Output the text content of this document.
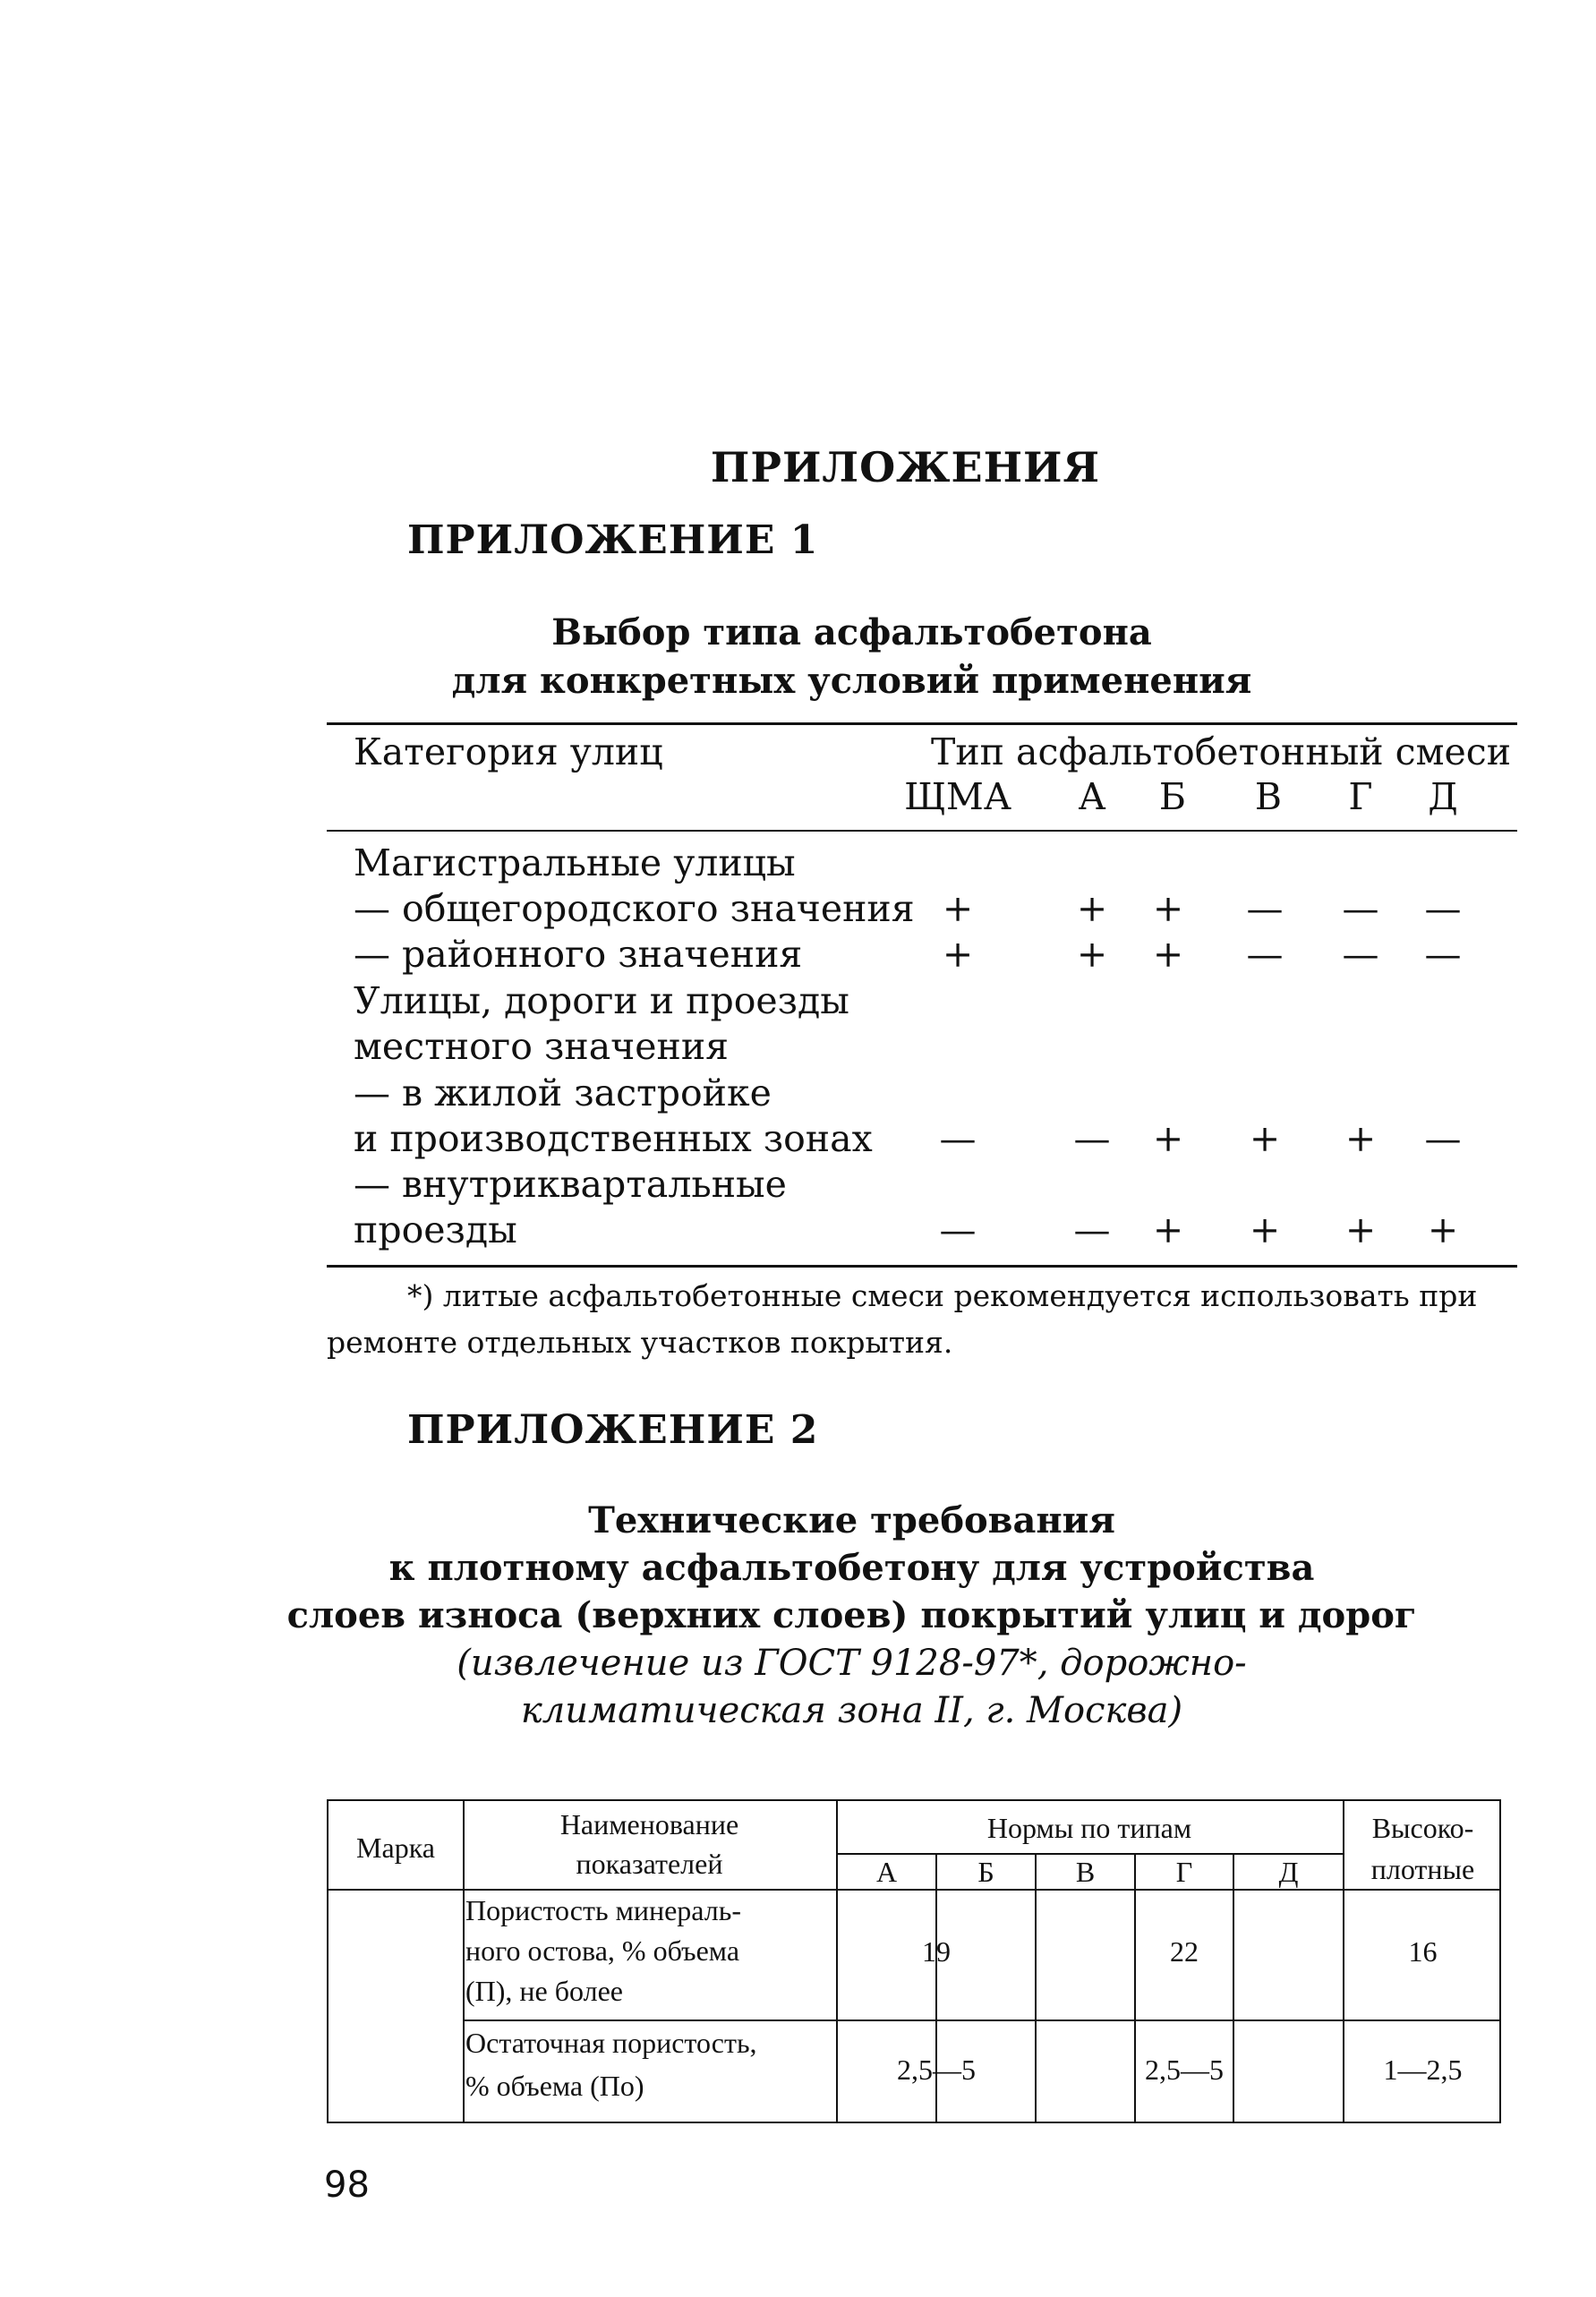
ПРИЛОЖЕНИЯ
ПРИЛОЖЕНИЕ 1
Выбор типа асфальтобетона
для конкретных условий применения
Категория улиц	Тип асфальтобетонный смеси
ЩМА	А	Б	В	Г	Д
Магистральные улицы
— общегородского значения +	+	+	— — —
— районного значения	+	+	+	— — —
Улицы, дороги и проезды
местного значения
— в жилой застройке
и производственных зонах —	—	+	+	+	—
— внутриквартальные
проезды	—	—	+	+	+	+
*) литые асфальтобетонные смеси рекомендуется использовать при
ремонте отдельных участков покрытия.
ПРИЛОЖЕНИЕ 2
Технические требования
к плотному асфальтобетону для устройства
слоев износа (верхних слоев) покрытий улиц и дорог
(извлечение из ГОСТ 9128-97*, дорожно-
климатическая зона II, г. Москва)
Марка
Наименование
показателей
Нормы по типам
А	Б	В	Г	Д
Высоко-
плотные
Пористость минераль-
ного остова, % объема
(П), не более
19	22	16
Остаточная пористость,
% объема (По)	2,5—5	2,5—5	1—2,5
98
